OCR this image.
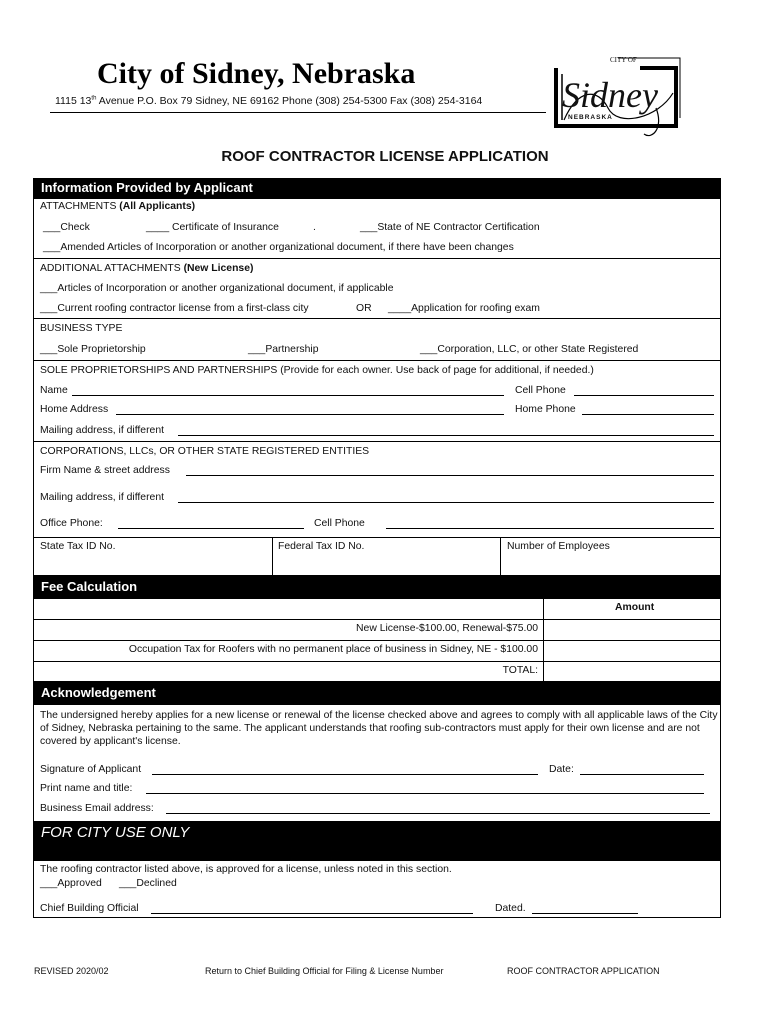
City of Sidney, Nebraska
1115 13th Avenue P.O. Box 79 Sidney, NE 69162 Phone (308) 254-5300 Fax (308) 254-3164
CITY OF
Sidney
NEBRASKA
ROOF CONTRACTOR LICENSE APPLICATION
Information Provided by Applicant
ATTACHMENTS (All Applicants)
___Check	____ Certificate of Insurance	.	___State of NE Contractor Certification
___Amended Articles of Incorporation or another organizational document, if there have been changes
ADDITIONAL ATTACHMENTS (New License)
___Articles of Incorporation or another organizational document, if applicable
___Current roofing contractor license from a first-class city	OR ____Application for roofing exam
BUSINESS TYPE
___Sole Proprietorship	___Partnership	___Corporation, LLC, or other State Registered
SOLE PROPRIETORSHIPS AND PARTNERSHIPS (Provide for each owner. Use back of page for additional, if needed.)
Name	Cell Phone
Home Address	Home Phone
Mailing address, if different
CORPORATIONS, LLCs, OR OTHER STATE REGISTERED ENTITIES
Firm Name & street address
Mailing address, if different
Office Phone:	Cell Phone
State Tax ID No.	Federal Tax ID No.	Number of Employees
Fee Calculation
Amount
New License-$100.00, Renewal-$75.00
Occupation Tax for Roofers with no permanent place of business in Sidney, NE - $100.00
TOTAL:
Acknowledgement
The undersigned hereby applies for a new license or renewal of the license checked above and agrees to comply with all applicable laws of the City of Sidney, Nebraska pertaining to the same. The applicant understands that roofing sub-contractors must apply for their own license and are not covered by applicant's license.
Signature of Applicant	Date:
Print name and title:
Business Email address:
FOR CITY USE ONLY
The roofing contractor listed above, is approved for a license, unless noted in this section.
___Approved ___Declined
Chief Building Official	Dated.
REVISED 2020/02	Return to Chief Building Official for Filing & License Number	ROOF CONTRACTOR APPLICATION
